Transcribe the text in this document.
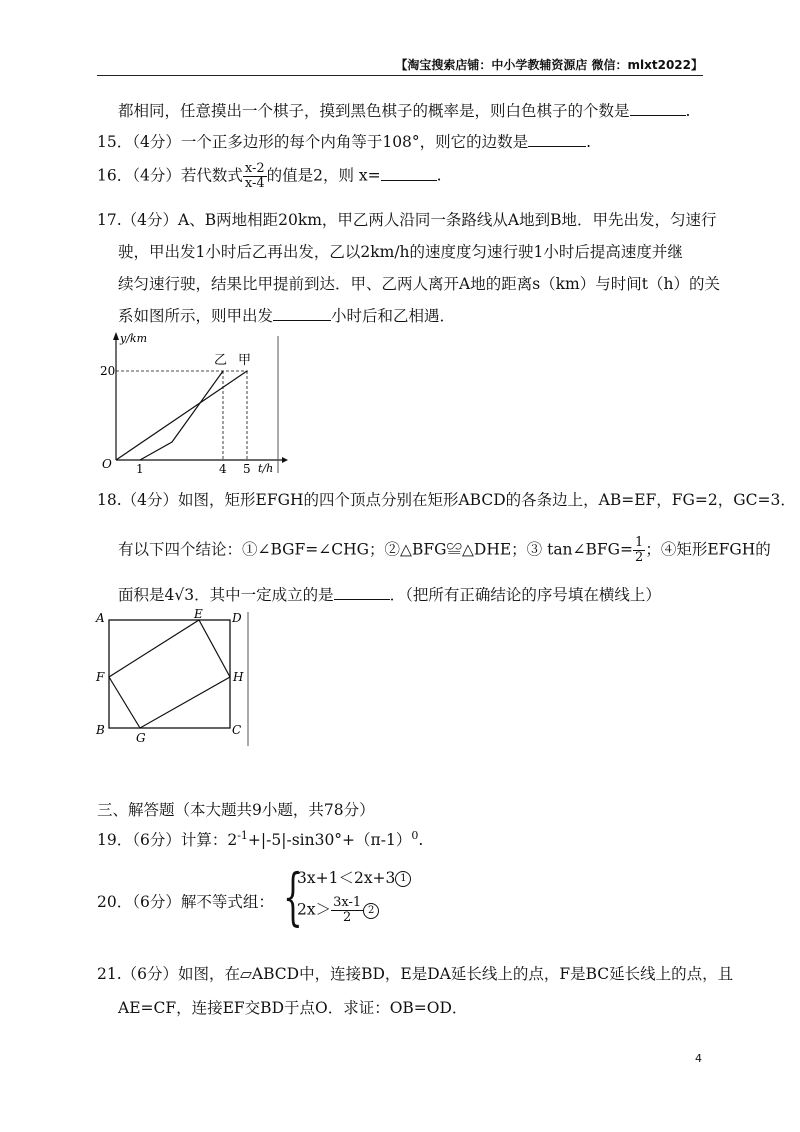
【淘宝搜索店铺：中小学教辅资源店 微信：mlxt2022】
都相同，任意摸出一个棋子，摸到黑色棋子的概率是，则白色棋子的个数是	.
15．（4分）一个正多边形的每个内角等于108°，则它的边数是	.
16．（4分）若代数式 $\frac{x-2}{x-4}$ 的值是2，则 x=	.
17.（4分）A、B两地相距20km，甲乙两人沿同一条路线从A地到B地．甲先出发，匀速行
驶，甲出发1小时后乙再出发，乙以2km/h的速度度匀速行驶1小时后提高速度并继
续匀速行驶，结果比甲提前到达．甲、乙两人离开A地的距离s（km）与时间t（h）的关
系如图所示，则甲出发	小时后和乙相遇．
y/km
t/h
O
20
1	4 5
乙 甲
18.（4分）如图，矩形EFGH的四个顶点分别在矩形ABCD的各条边上，AB=EF，FG=2，GC=3．
有以下四个结论：①∠BGF=∠CHG；②△BFG≌△DHE；③ tan∠BFG= $\frac{1}{2}$ ；④矩形EFGH的
面积是4√3．其中一定成立的是	．（把所有正确结论的序号填在横线上）
A	E D
F	H
B
G
C
三、解答题（本大题共9小题，共78分）
19．（6分）计算：$2^{-1}+|-5|-\sin 30^\circ+(\pi-1)^0$.
20．（6分）解不等式组： {
3x+1＜2x+3 1
$2x> \frac{3x-1}{2} 2$
21.（6分）如图，在▱ABCD中，连接BD，E是DA延长线上的点，F是BC延长线上的点，且
AE=CF，连接EF交BD于点O．求证：OB=OD．
4
